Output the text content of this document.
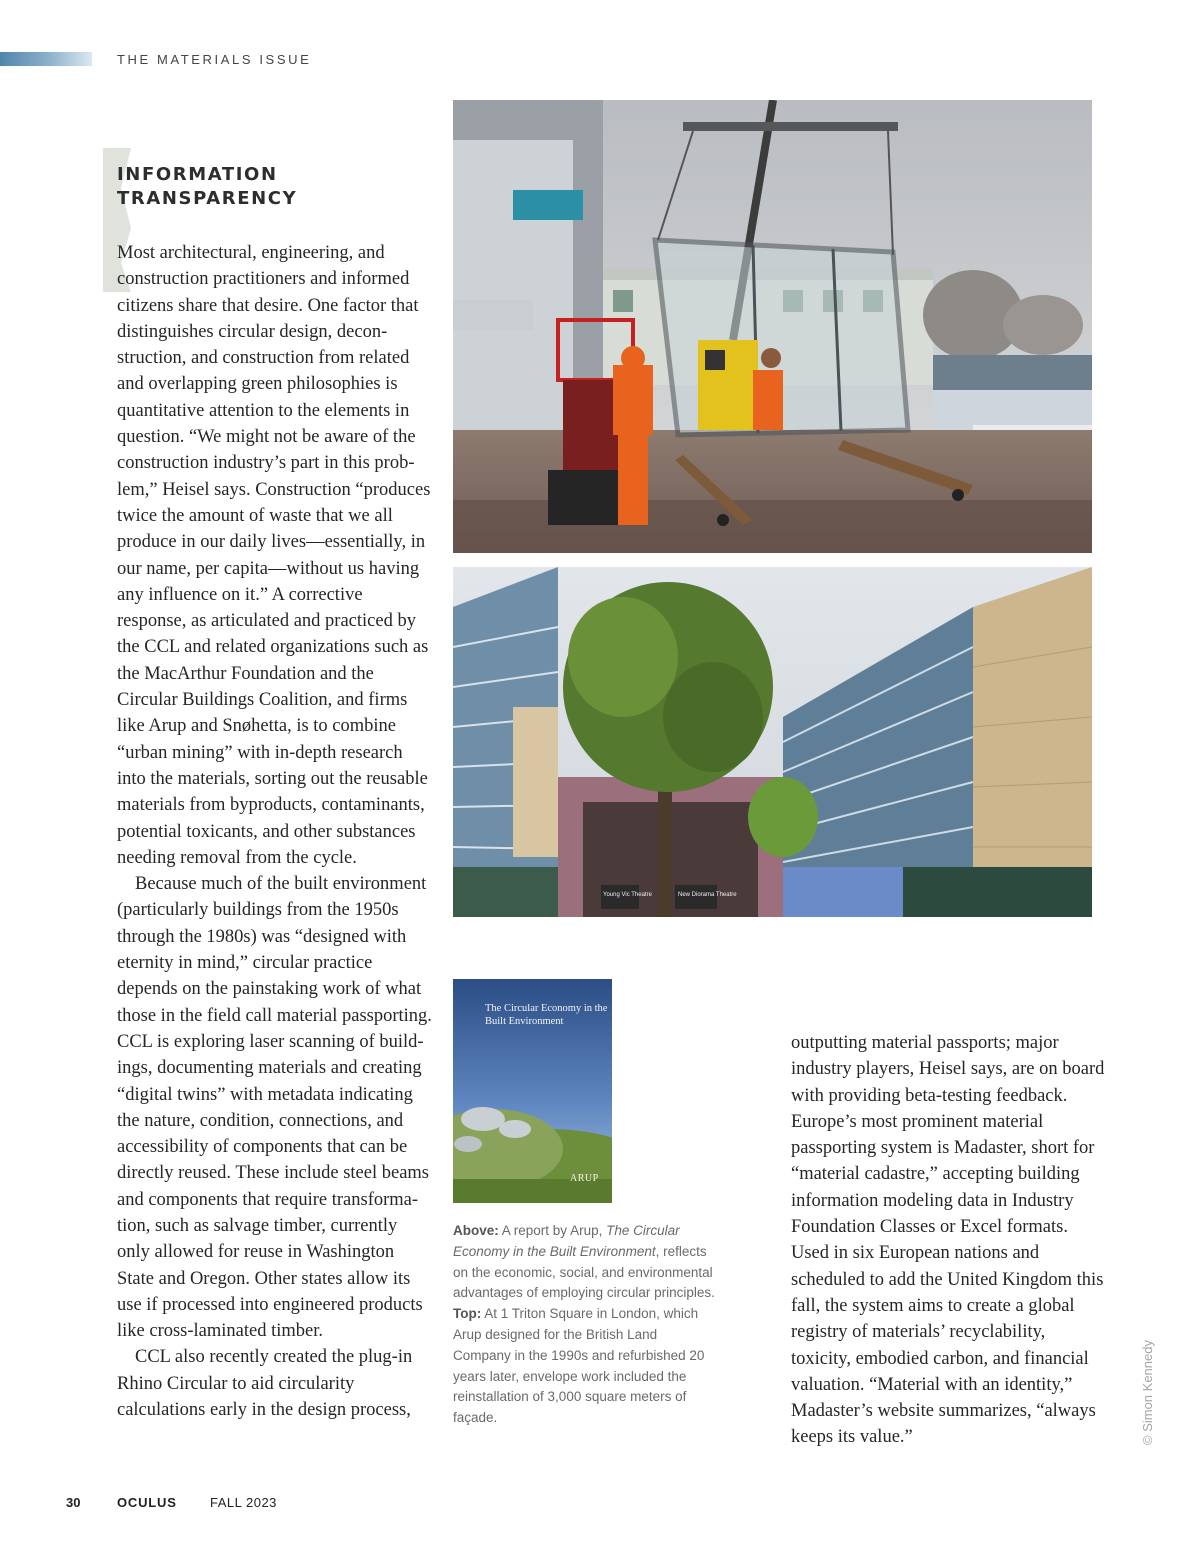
THE MATERIALS ISSUE
INFORMATION
TRANSPARENCY

Most architectural, engineering, and construction practitioners and informed citizens share that desire. One factor that distinguishes circular design, deconstruction, and construction from related and overlapping green philosophies is quantitative attention to the elements in question. “We might not be aware of the construction industry’s part in this problem,” Heisel says. Construction “produces twice the amount of waste that we all produce in our daily lives—essentially, in our name, per capita—without us having any influence on it.” A corrective response, as articulated and practiced by the CCL and related organizations such as the MacArthur Foundation and the Circular Buildings Coalition, and firms like Arup and Snøhetta, is to combine “urban mining” with in-depth research into the materials, sorting out the reusable materials from byproducts, contaminants, potential toxicants, and other substances needing removal from the cycle.

Because much of the built environment (particularly buildings from the 1950s through the 1980s) was “designed with eternity in mind,” circular practice depends on the painstaking work of what those in the field call material passporting. CCL is exploring laser scanning of buildings, documenting materials and creating “digital twins” with metadata indicating the nature, condition, connections, and accessibility of components that can be directly reused. These include steel beams and components that require transformation, such as salvage timber, currently only allowed for reuse in Washington State and Oregon. Other states allow its use if processed into engineered products like cross-laminated timber.

CCL also recently created the plug-in Rhino Circular to aid circularity calculations early in the design process,

Young Vic Theatre	New Diorama Theatre
The Circular Economy in the Built Environment
ARUP

Above: A report by Arup, The Circular Economy in the Built Environment, reflects on the economic, social, and environmental advantages of employing circular principles.

Top: At 1 Triton Square in London, which Arup designed for the British Land Company in the 1990s and refurbished 20 years later, envelope work included the reinstallation of 3,000 square meters of façade.

outputting material passports; major industry players, Heisel says, are on board with providing beta-testing feedback. Europe’s most prominent material passporting system is Madaster, short for “material cadastre,” accepting building information modeling data in Industry Foundation Classes or Excel formats. Used in six European nations and scheduled to add the United Kingdom this fall, the system aims to create a global registry of materials’ recyclability, toxicity, embodied carbon, and financial valuation. “Material with an identity,” Madaster’s website summarizes, “always keeps its value.”	© Simon Kennedy
30	OCULUS	FALL 2023
